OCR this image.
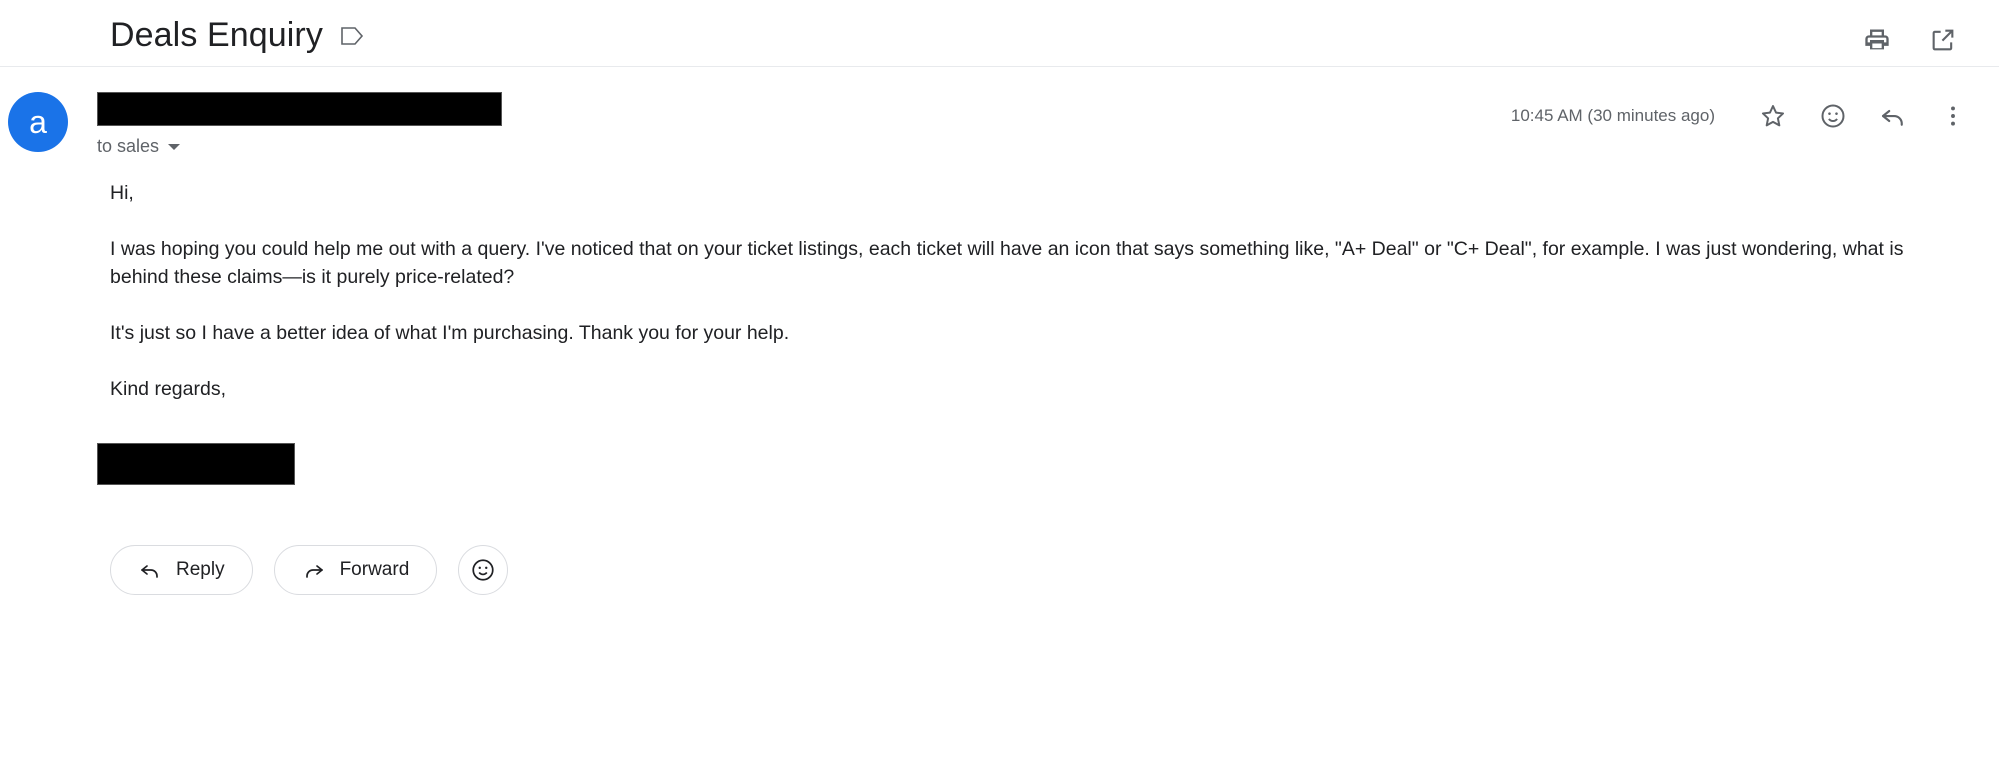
Deals Enquiry
a
to sales
10:45 AM (30 minutes ago)

Hi,

I was hoping you could help me out with a query. I've noticed that on your ticket listings, each ticket will have an icon that says something like, "A+ Deal" or "C+ Deal", for example. I was just wondering, what is behind these claims—is it purely price-related?

It's just so I have a better idea of what I'm purchasing. Thank you for your help.

Kind regards,

Reply	Forward
